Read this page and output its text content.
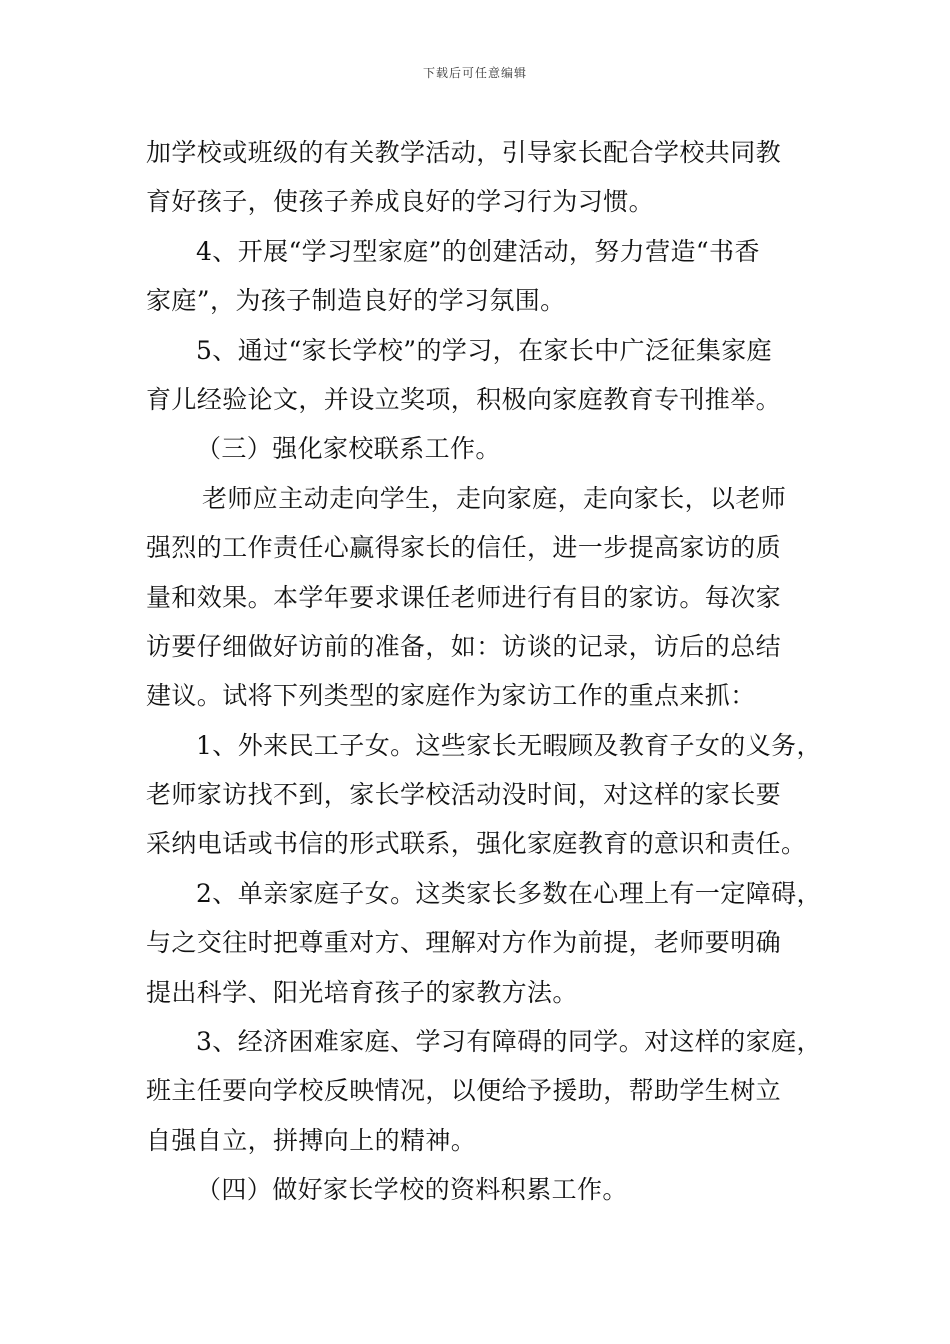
下载后可任意编辑
加学校或班级的有关教学活动，引导家长配合学校共同教
育好孩子，使孩子养成良好的学习行为习惯。
4、开展“学习型家庭”的创建活动，努力营造“书香
家庭”，为孩子制造良好的学习氛围。
5、通过“家长学校”的学习，在家长中广泛征集家庭
育儿经验论文，并设立奖项，积极向家庭教育专刊推举。
（三）强化家校联系工作。
老师应主动走向学生，走向家庭，走向家长，以老师
强烈的工作责任心赢得家长的信任，进一步提高家访的质
量和效果。本学年要求课任老师进行有目的家访。每次家
访要仔细做好访前的准备，如：访谈的记录，访后的总结
建议。试将下列类型的家庭作为家访工作的重点来抓：
1、外来民工子女。这些家长无暇顾及教育子女的义务，
老师家访找不到，家长学校活动没时间，对这样的家长要
采纳电话或书信的形式联系，强化家庭教育的意识和责任。
2、单亲家庭子女。这类家长多数在心理上有一定障碍，
与之交往时把尊重对方、理解对方作为前提，老师要明确
提出科学、阳光培育孩子的家教方法。
3、经济困难家庭、学习有障碍的同学。对这样的家庭，
班主任要向学校反映情况，以便给予援助，帮助学生树立
自强自立，拼搏向上的精神。
（四）做好家长学校的资料积累工作。
